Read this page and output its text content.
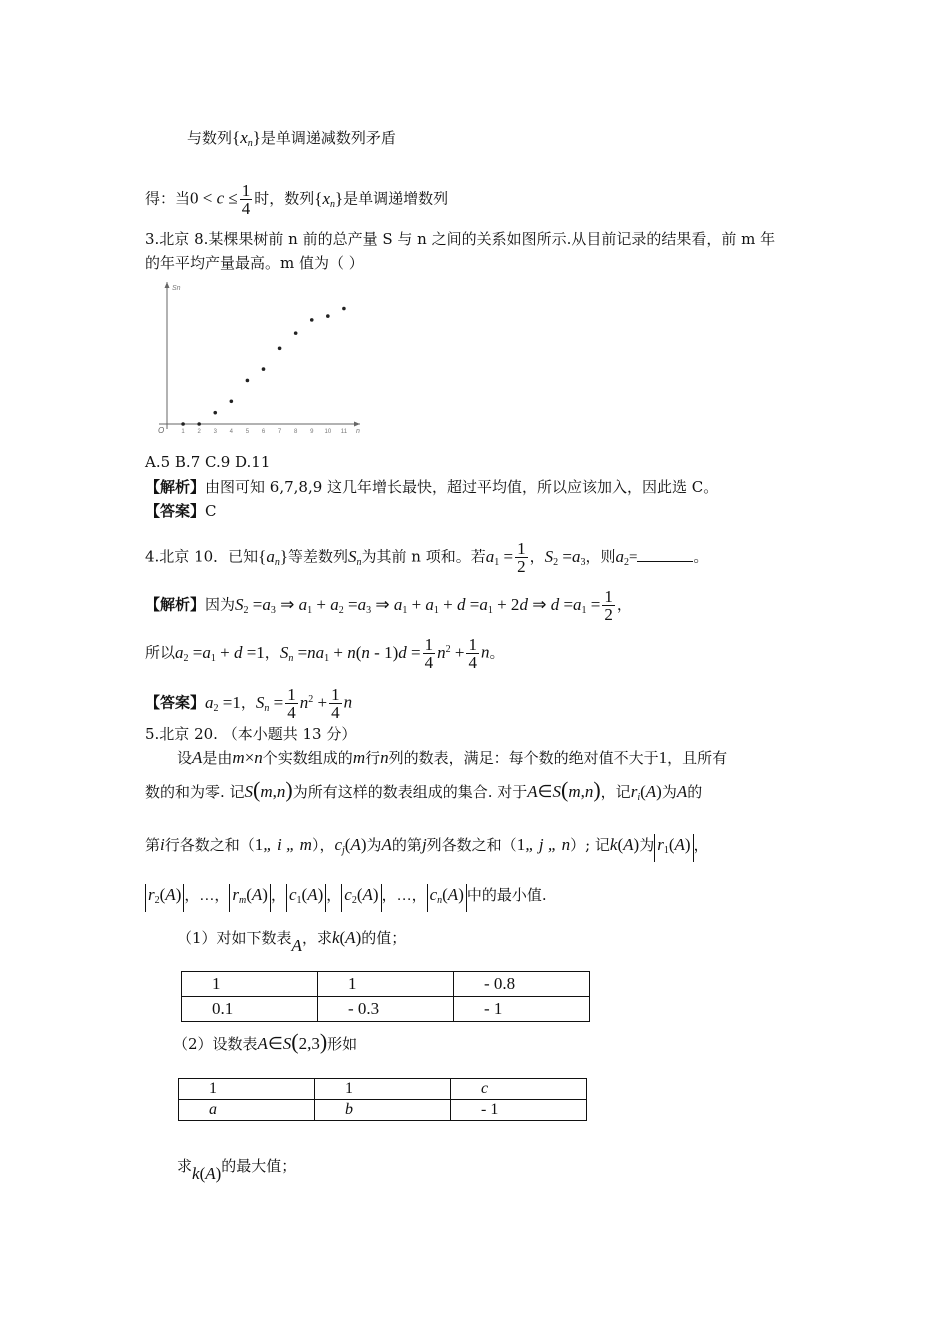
与数列$\{x_n\}$是单调递减数列矛盾
得：当$0 < c \le \frac{1}{4}$ 时，数列$\{x_n\}$是单调递增数列
3.北京 8.某棵果树前 n 前的总产量 S 与 n 之间的关系如图所示.从目前记录的结果看，前 m 年
的年平均产量最高。m 值为（ ）
Sn
O	1 2 3 4 5 6 7 8 9 10 11 n
A.5 B.7 C.9 D.11
【解析】由图可知 6,7,8,9 这几年增长最快，超过平均值，所以应该加入，因此选 C。
【答案】C
4.北京 10．已知$\{a_n\}$等差数列$S_n$为其前 n 项和。若$a_1 = \frac{1}{2}$ ，$S_2 =a_3$，则$a_2=$	。
【解析】因为$S_2 =a_3$ ⇒ $a_1 + a_2 =a_3$ ⇒ $a_1 + a_1 + d =a_1 + 2d$ ⇒ $d =a_1 = \frac{1}{2}$ ，
所以$a_2 =a_1 + d =1$，$S_n =na_1 + n(n - 1)d = \frac{1}{4} n^2 + \frac{1}{4}$ n。
【答案】$a_2 =1$，$S_n = \frac{1}{4} n^2 + \frac{1}{4}$ n
5.北京 20. （本小题共 13 分）
设A是由m×n个实数组成的m行n列的数表，满足：每个数的绝对值不大于1，且所有
数的和为零. 记S(m,n)为所有这样的数表组成的集合. 对于A∈S(m,n)，记$r_i(A)$为A的
第i行各数之和（1„ i „ m），$c_j(A)$为A的第j列各数之和（1„ j „ n）; 记k(A)为 $r_1(A)$ ，
$r_2(A)$ ，…， $r_m(A)$ ， $c_1(A)$ ， $c_2(A)$ ，…， $c_n(A)$ 中的最小值.
（1）对如下数表A，求k(A)的值；
1	1	- 0.8
0.1	- 0.3	- 1
（2）设数表A∈S(2,3)形如
1	1	c
a	b	- 1
求k(A)的最大值；
